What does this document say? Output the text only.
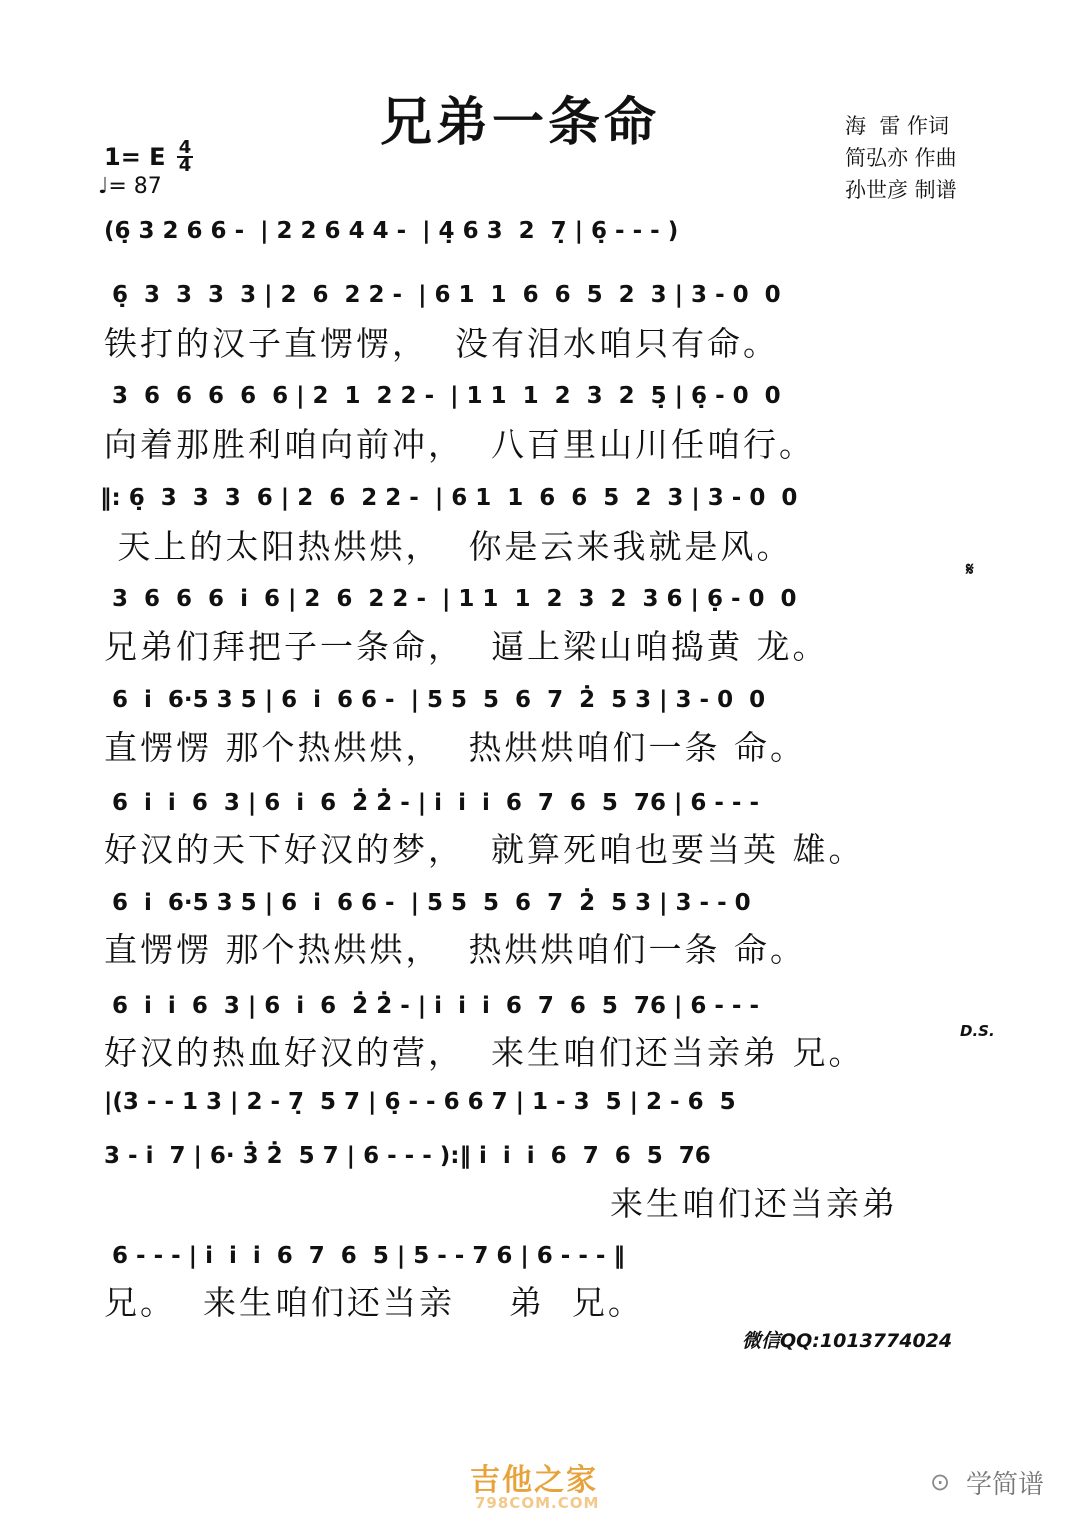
兄弟一条命	海  雷 作词
简弘亦 作曲
孙世彦 制谱
1= E 4
4
♩= 87
(6̣ 3 2 6 6 -  | 2 2 6 4 4 -  | 4̣ 6 3  2  7̣ | 6̣ - - - )
6̣  3  3  3  3 | 2  6  2 2 -  | 6 1  1  6  6  5  2  3 | 3 - 0  0
铁打的汉子直愣愣，  没有泪水咱只有命。
3  6  6  6  6  6 | 2  1  2 2 -  | 1 1  1  2  3  2  5̣ | 6̣ - 0  0
向着那胜利咱向前冲，  八百里山川任咱行。
‖: 6̣  3  3  3  6 | 2  6  2 2 -  | 6 1  1  6  6  5  2  3 | 3 - 0  0
天上的太阳热烘烘，  你是云来我就是风。
𝄋
3  6  6  6  i  6 | 2  6  2 2 -  | 1 1  1  2  3  2  3 6 | 6̣ - 0  0
兄弟们拜把子一条命，  逼上梁山咱捣黄 龙。
6  i  6·5 3 5 | 6  i  6 6 -  | 5 5  5  6  7  2̇  5 3 | 3 - 0  0
直愣愣 那个热烘烘，  热烘烘咱们一条 命。
6  i  i  6  3 | 6  i  6  2̇ 2̇ - | i  i  i  6  7  6  5  76 | 6 - - -
好汉的天下好汉的梦，  就算死咱也要当英 雄。
6  i  6·5 3 5 | 6  i  6 6 -  | 5 5  5  6  7  2̇  5 3 | 3 - - 0
直愣愣 那个热烘烘，  热烘烘咱们一条 命。
6  i  i  6  3 | 6  i  6  2̇ 2̇ - | i  i  i  6  7  6  5  76 | 6 - - -
好汉的热血好汉的营，  来生咱们还当亲弟 兄。
D.S.
|(3 - - 1 3 | 2 - 7̣  5 7 | 6̣ - - 6 6 7 | 1 - 3  5 | 2 - 6  5
3 - i  7 | 6· 3̇ 2̇  5 7 | 6 - - - ):‖ i  i  i  6  7  6  5  76
来生咱们还当亲弟
6 - - - | i  i  i  6  7  6  5 | 5 - - 7 6 | 6 - - - ‖
兄。  来生咱们还当亲    弟  兄。
微信QQ:1013774024
吉他之家
798COM.COM
⊙ 学简谱
